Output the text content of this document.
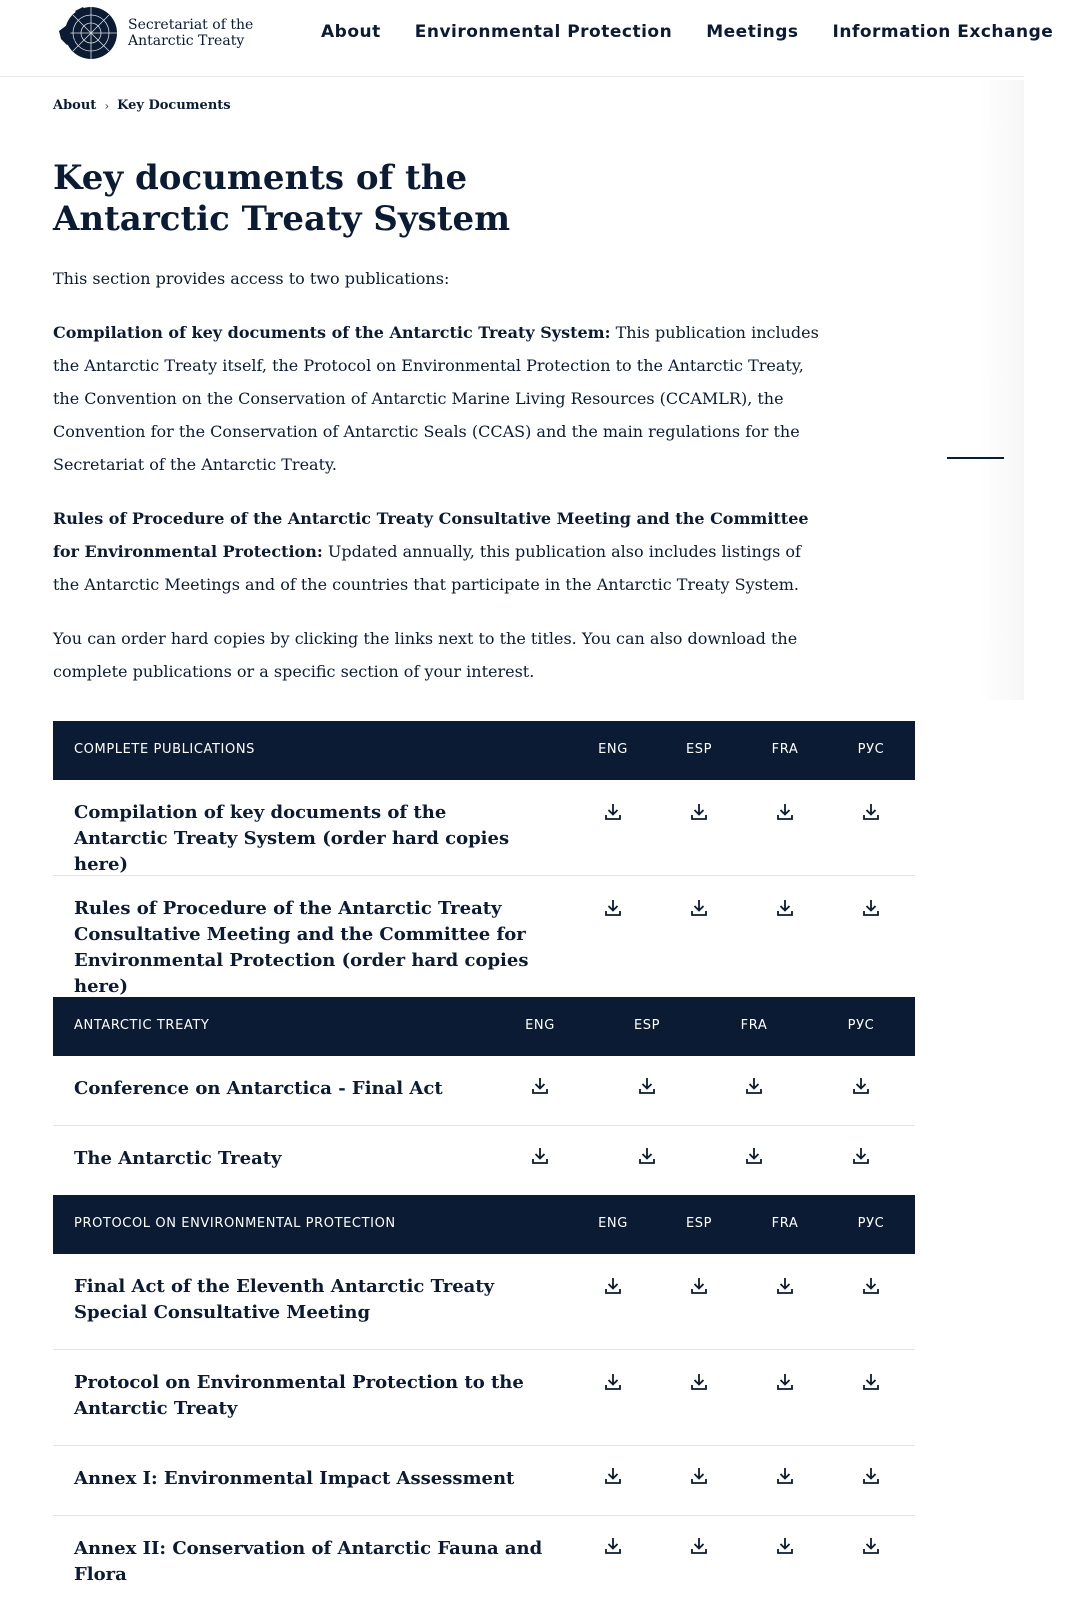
Secretariat of the
Antarctic Treaty	About Environmental Protection Meetings Information Exchange
About › Key Documents
Key documents of the Antarctic Treaty System

This section provides access to two publications:

Compilation of key documents of the Antarctic Treaty System: This publication includes the Antarctic Treaty itself, the Protocol on Environmental Protection to the Antarctic Treaty, the Convention on the Conservation of Antarctic Marine Living Resources (CCAMLR), the Convention for the Conservation of Antarctic Seals (CCAS) and the main regulations for the Secretariat of the Antarctic Treaty.

Rules of Procedure of the Antarctic Treaty Consultative Meeting and the Committee for Environmental Protection: Updated annually, this publication also includes listings of the Antarctic Meetings and of the countries that participate in the Antarctic Treaty System.

You can order hard copies by clicking the links next to the titles. You can also download the complete publications or a specific section of your interest.

COMPLETE PUBLICATIONS	ENG	ESP	FRA	РУС
Compilation of key documents of the Antarctic Treaty System (order hard copies here)
Rules of Procedure of the Antarctic Treaty Consultative Meeting and the Committee for Environmental Protection (order hard copies here)
ANTARCTIC TREATY	ENG	ESP	FRA	РУС
Conference on Antarctica - Final Act
The Antarctic Treaty
PROTOCOL ON ENVIRONMENTAL PROTECTION	ENG	ESP	FRA	РУС
Final Act of the Eleventh Antarctic Treaty Special Consultative Meeting
Protocol on Environmental Protection to the Antarctic Treaty
Annex I: Environmental Impact Assessment
Annex II: Conservation of Antarctic Fauna and Flora
